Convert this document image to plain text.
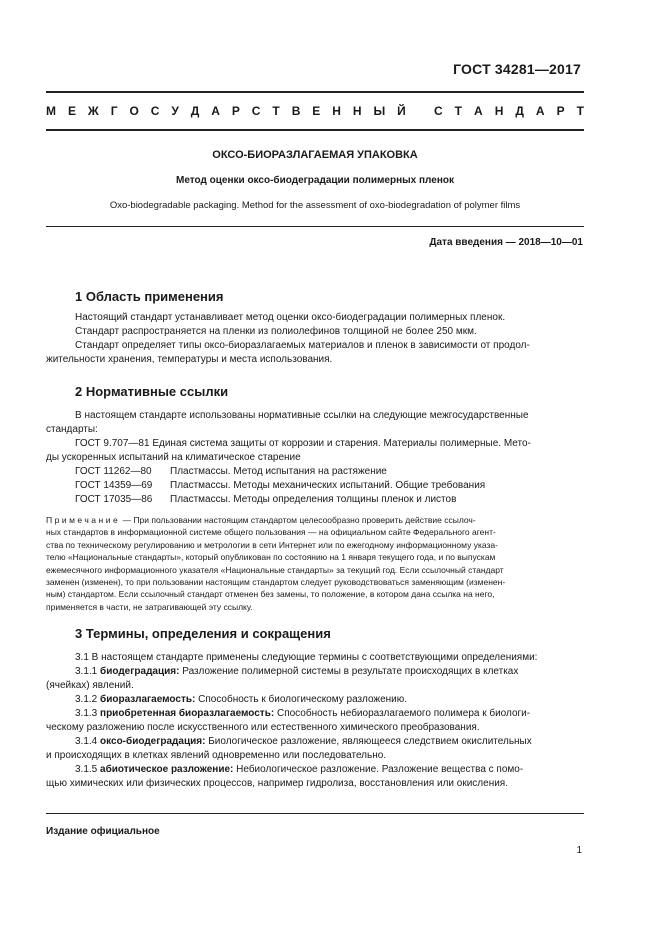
ГОСТ 34281—2017
М Е Ж Г О С У Д А Р С Т В Е Н Н Ы Й С Т А Н Д А Р Т
ОКСО-БИОРАЗЛАГАЕМАЯ УПАКОВКА
Метод оценки оксо-биодеградации полимерных пленок
Oxo-biodegradable packaging. Method for the assessment of oxo-biodegradation of polymer films
Дата введения — 2018—10—01
1 Область применения
Настоящий стандарт устанавливает метод оценки оксо-биодеградации полимерных пленок.
Стандарт распространяется на пленки из полиолефинов толщиной не более 250 мкм.
Стандарт определяет типы оксо-биоразлагаемых материалов и пленок в зависимости от продол-
жительности хранения, температуры и места использования.
2 Нормативные ссылки
В настоящем стандарте использованы нормативные ссылки на следующие межгосударственные
стандарты:
ГОСТ 9.707—81 Единая система защиты от коррозии и старения. Материалы полимерные. Мето-
ды ускоренных испытаний на климатическое старение
ГОСТ 11262—80	Пластмассы. Метод испытания на растяжение
ГОСТ 14359—69	Пластмассы. Методы механических испытаний. Общие требования
ГОСТ 17035—86	Пластмассы. Методы определения толщины пленок и листов
Примечание — При пользовании настоящим стандартом целесообразно проверить действие ссылоч-
ных стандартов в информационной системе общего пользования — на официальном сайте Федерального агент-
ства по техническому регулированию и метрологии в сети Интернет или по ежегодному информационному указа-
телю «Национальные стандарты», который опубликован по состоянию на 1 января текущего года, и по выпускам
ежемесячного информационного указателя «Национальные стандарты» за текущий год. Если ссылочный стандарт
заменен (изменен), то при пользовании настоящим стандартом следует руководствоваться заменяющим (изменен-
ным) стандартом. Если ссылочный стандарт отменен без замены, то положение, в котором дана ссылка на него,
применяется в части, не затрагивающей эту ссылку.
3 Термины, определения и сокращения
3.1 В настоящем стандарте применены следующие термины с соответствующими определениями:
3.1.1 биодеградация: Разложение полимерной системы в результате происходящих в клетках
(ячейках) явлений.
3.1.2 биоразлагаемость: Способность к биологическому разложению.
3.1.3 приобретенная биоразлагаемость: Способность небиоразлагаемого полимера к биологи-
ческому разложению после искусственного или естественного химического преобразования.
3.1.4 оксо-биодеградация: Биологическое разложение, являющееся следствием окислительных
и происходящих в клетках явлений одновременно или последовательно.
3.1.5 абиотическое разложение: Небиологическое разложение. Разложение вещества с помо-
щью химических или физических процессов, например гидролиза, восстановления или окисления.
Издание официальное
1
